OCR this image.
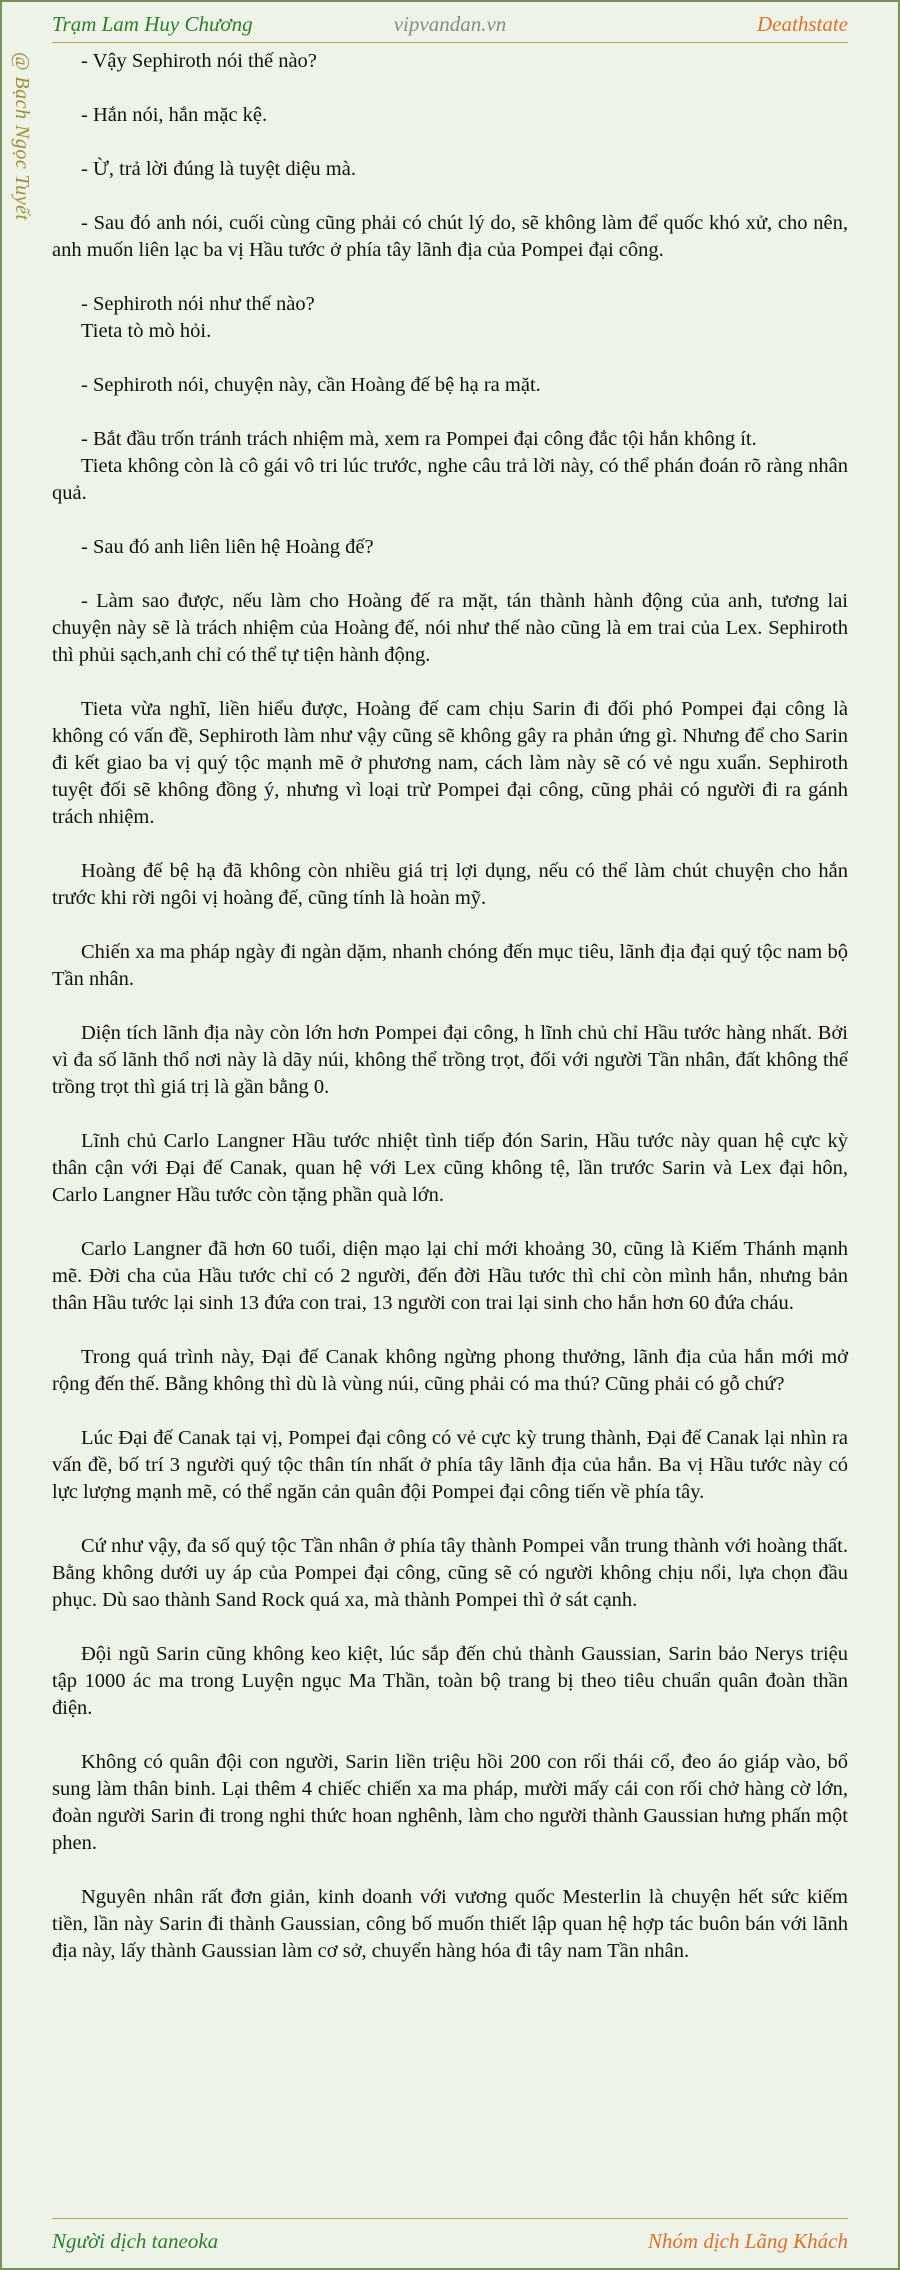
Trạm Lam Huy Chương	vipvandan.vn	Deathstate
@ Bạch Ngọc Tuyết	- Vậy Sephiroth nói thế nào?

- Hắn nói, hắn mặc kệ.

- Ừ, trả lời đúng là tuyệt diệu mà.

- Sau đó anh nói, cuối cùng cũng phải có chút lý do, sẽ không làm để quốc khó xử, cho nên, anh muốn liên lạc ba vị Hầu tước ở phía tây lãnh địa của Pompei đại công.

- Sephiroth nói như thế nào?

Tieta tò mò hỏi.

- Sephiroth nói, chuyện này, cần Hoàng đế bệ hạ ra mặt.

- Bắt đầu trốn tránh trách nhiệm mà, xem ra Pompei đại công đắc tội hắn không ít.

Tieta không còn là cô gái vô tri lúc trước, nghe câu trả lời này, có thể phán đoán rõ ràng nhân quả.

- Sau đó anh liên liên hệ Hoàng đế?

- Làm sao được, nếu làm cho Hoàng đế ra mặt, tán thành hành động của anh, tương lai chuyện này sẽ là trách nhiệm của Hoàng đế, nói như thế nào cũng là em trai của Lex. Sephiroth thì phủi sạch,anh chỉ có thể tự tiện hành động.

Tieta vừa nghĩ, liền hiểu được, Hoàng đế cam chịu Sarin đi đối phó Pompei đại công là không có vấn đề, Sephiroth làm như vậy cũng sẽ không gây ra phản ứng gì. Nhưng để cho Sarin đi kết giao ba vị quý tộc mạnh mẽ ở phương nam, cách làm này sẽ có vẻ ngu xuẩn. Sephiroth tuyệt đối sẽ không đồng ý, nhưng vì loại trừ Pompei đại công, cũng phải có người đi ra gánh trách nhiệm.

Hoàng đế bệ hạ đã không còn nhiều giá trị lợi dụng, nếu có thể làm chút chuyện cho hắn trước khi rời ngôi vị hoàng đế, cũng tính là hoàn mỹ.

Chiến xa ma pháp ngày đi ngàn dặm, nhanh chóng đến mục tiêu, lãnh địa đại quý tộc nam bộ Tần nhân.

Diện tích lãnh địa này còn lớn hơn Pompei đại công, h lĩnh chủ chỉ Hầu tước hàng nhất. Bởi vì đa số lãnh thổ nơi này là dãy núi, không thể trồng trọt, đối với người Tần nhân, đất không thể trồng trọt thì giá trị là gần bằng 0.

Lĩnh chủ Carlo Langner Hầu tước nhiệt tình tiếp đón Sarin, Hầu tước này quan hệ cực kỳ thân cận với Đại đế Canak, quan hệ với Lex cũng không tệ, lần trước Sarin và Lex đại hôn, Carlo Langner Hầu tước còn tặng phần quà lớn.

Carlo Langner đã hơn 60 tuổi, diện mạo lại chỉ mới khoảng 30, cũng là Kiếm Thánh mạnh mẽ. Đời cha của Hầu tước chỉ có 2 người, đến đời Hầu tước thì chỉ còn mình hắn, nhưng bản thân Hầu tước lại sinh 13 đứa con trai, 13 người con trai lại sinh cho hắn hơn 60 đứa cháu.

Trong quá trình này, Đại đế Canak không ngừng phong thưởng, lãnh địa của hắn mới mở rộng đến thế. Bằng không thì dù là vùng núi, cũng phải có ma thú? Cũng phải có gỗ chứ?

Lúc Đại đế Canak tại vị, Pompei đại công có vẻ cực kỳ trung thành, Đại đế Canak lại nhìn ra vấn đề, bố trí 3 người quý tộc thân tín nhất ở phía tây lãnh địa của hắn. Ba vị Hầu tước này có lực lượng mạnh mẽ, có thể ngăn cản quân đội Pompei đại công tiến về phía tây.

Cứ như vậy, đa số quý tộc Tần nhân ở phía tây thành Pompei vẫn trung thành với hoàng thất. Bằng không dưới uy áp của Pompei đại công, cũng sẽ có người không chịu nổi, lựa chọn đầu phục. Dù sao thành Sand Rock quá xa, mà thành Pompei thì ở sát cạnh.

Đội ngũ Sarin cũng không keo kiệt, lúc sắp đến chủ thành Gaussian, Sarin bảo Nerys triệu tập 1000 ác ma trong Luyện ngục Ma Thần, toàn bộ trang bị theo tiêu chuẩn quân đoàn thần điện.

Không có quân đội con người, Sarin liền triệu hồi 200 con rối thái cổ, đeo áo giáp vào, bổ sung làm thân binh. Lại thêm 4 chiếc chiến xa ma pháp, mười mấy cái con rối chở hàng cờ lớn, đoàn người Sarin đi trong nghi thức hoan nghênh, làm cho người thành Gaussian hưng phấn một phen.

Nguyên nhân rất đơn giản, kinh doanh với vương quốc Mesterlin là chuyện hết sức kiếm tiền, lần này Sarin đi thành Gaussian, công bố muốn thiết lập quan hệ hợp tác buôn bán với lãnh địa này, lấy thành Gaussian làm cơ sở, chuyển hàng hóa đi tây nam Tần nhân.

Người dịch taneoka	Nhóm dịch Lãng Khách
